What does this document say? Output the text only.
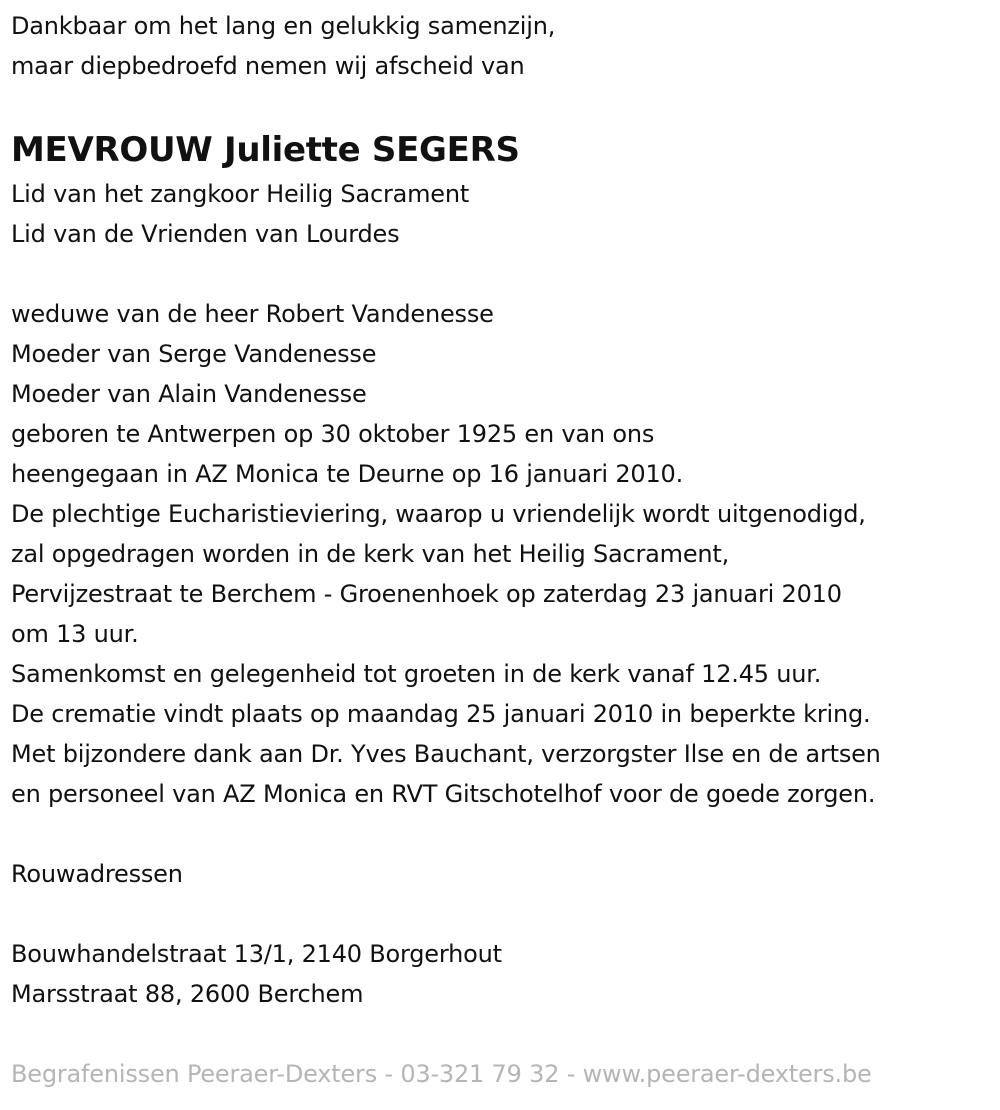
Dankbaar om het lang en gelukkig samenzijn,
maar diepbedroefd nemen wij afscheid van
MEVROUW Juliette SEGERS
Lid van het zangkoor Heilig Sacrament
Lid van de Vrienden van Lourdes
weduwe van de heer Robert Vandenesse
Moeder van Serge Vandenesse
Moeder van Alain Vandenesse
geboren te Antwerpen op 30 oktober 1925 en van ons
heengegaan in AZ Monica te Deurne op 16 januari 2010.
De plechtige Eucharistieviering, waarop u vriendelijk wordt uitgenodigd,
zal opgedragen worden in de kerk van het Heilig Sacrament,
Pervijzestraat te Berchem - Groenenhoek op zaterdag 23 januari 2010
om 13 uur.
Samenkomst en gelegenheid tot groeten in de kerk vanaf 12.45 uur.
De crematie vindt plaats op maandag 25 januari 2010 in beperkte kring.
Met bijzondere dank aan Dr. Yves Bauchant, verzorgster Ilse en de artsen
en personeel van AZ Monica en RVT Gitschotelhof voor de goede zorgen.
Rouwadressen
Bouwhandelstraat 13/1, 2140 Borgerhout
Marsstraat 88, 2600 Berchem
Begrafenissen Peeraer-Dexters - 03-321 79 32 - www.peeraer-dexters.be
